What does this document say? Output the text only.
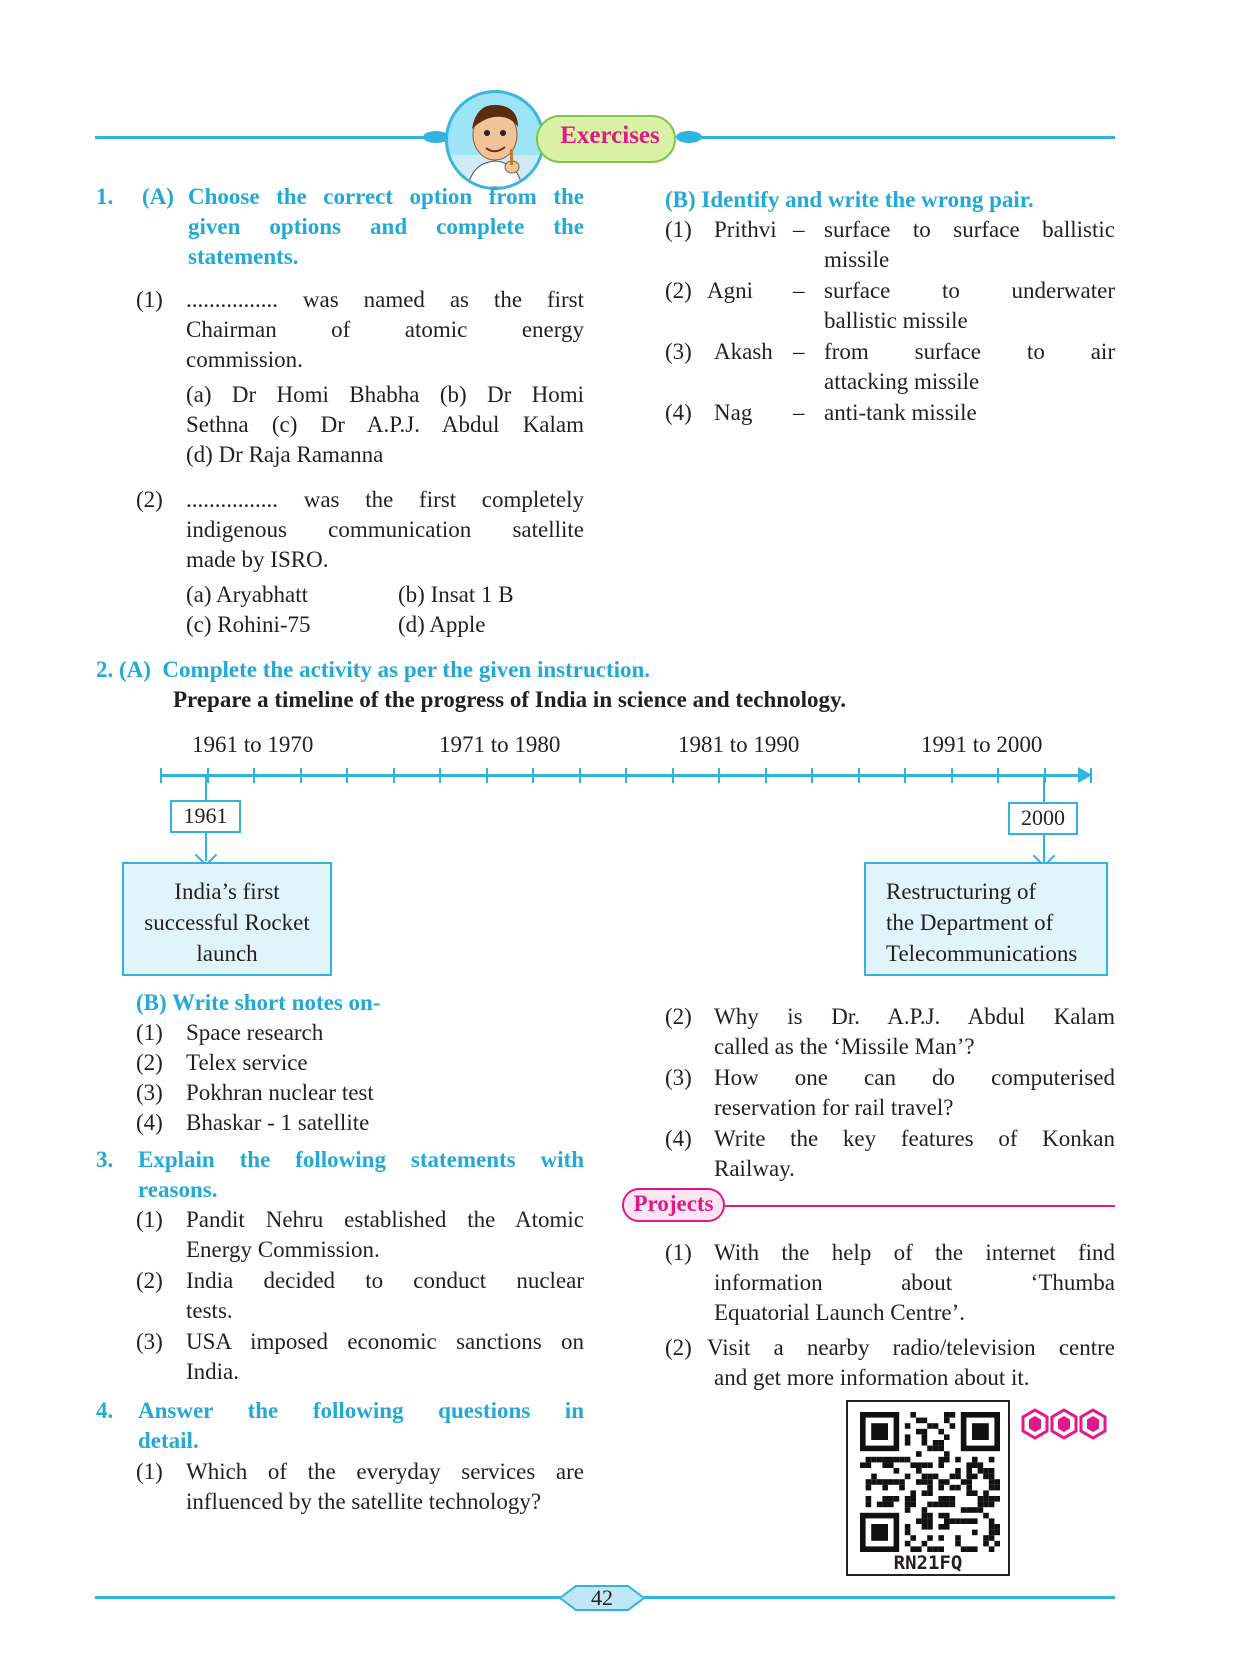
Exercises
1. (A) Choose the correct option from the
given options and complete the
statements.
(1) ................ was named as the first
Chairman of atomic energy
commission.
(a) Dr Homi Bhabha (b) Dr Homi
Sethna (c) Dr A.P.J. Abdul Kalam
(d) Dr Raja Ramanna
(2) ................ was the first completely
indigenous communication satellite
made by ISRO.
(a) Aryabhatt	(b) Insat 1 B
(c) Rohini-75	(d) Apple
(B) Identify and write the wrong pair.
(1) Prithvi – surface to surface ballistic
missile
(2) Agni – surface to underwater
ballistic missile
(3) Akash – from surface to air
attacking missile
(4) Nag – anti-tank missile
2. (A)  Complete the activity as per the given instruction.
Prepare a timeline of the progress of India in science and technology.
1961 to 1970	1971 to 1980	1981 to 1990	1991 to 2000
1961	2000
India’s first
successful Rocket
launch
Restructuring of
the Department of
Telecommunications
(B) Write short notes on-
(1) Space research
(2) Telex service
(3) Pokhran nuclear test
(4) Bhaskar - 1 satellite
3. Explain the following statements with
reasons.
(1) Pandit Nehru established the Atomic
Energy Commission.
(2) India decided to conduct nuclear
tests.
(3) USA imposed economic sanctions on
India.
4. Answer the following questions in
detail.
(1) Which of the everyday services are
influenced by the satellite technology?
(2) Why is Dr. A.P.J. Abdul Kalam
called as the ‘Missile Man’?
(3) How one can do computerised
reservation for rail travel?
(4) Write the key features of Konkan
Railway.
Projects
(1) With the help of the internet find
information about ‘Thumba
Equatorial Launch Centre’.
(2) Visit a nearby radio/television centre
and get more information about it.
RN21FQ
42
